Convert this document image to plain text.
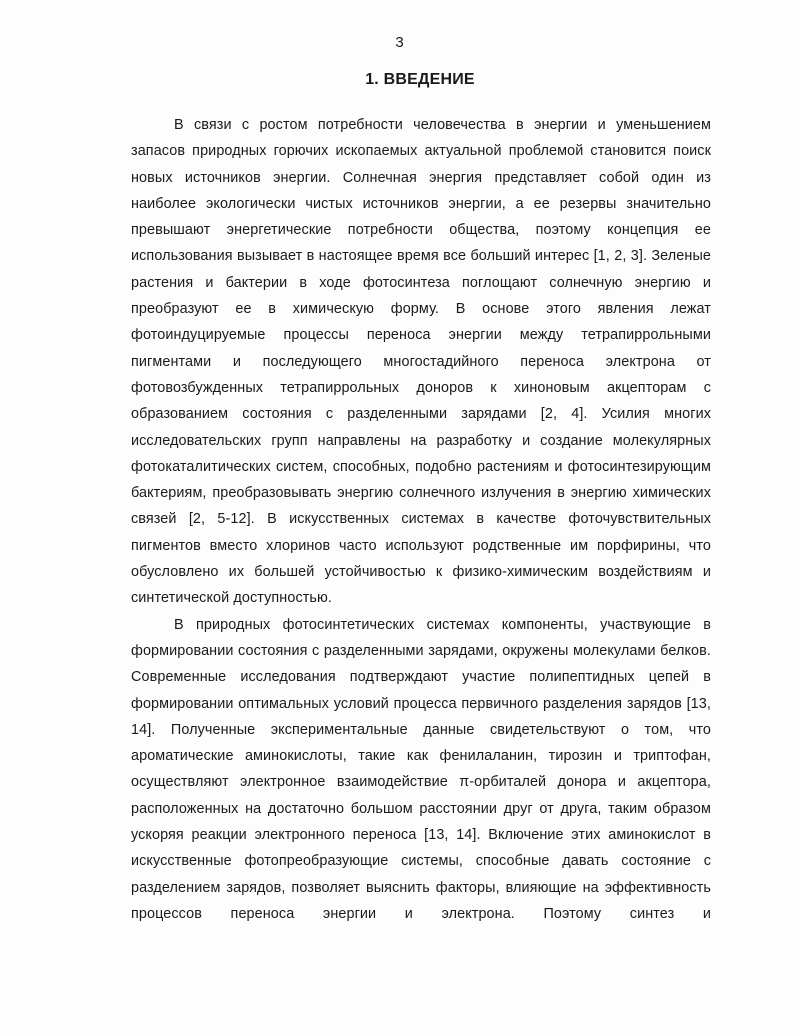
3
1. ВВЕДЕНИЕ

В связи с ростом потребности человечества в энергии и уменьшением запасов природных горючих ископаемых актуальной проблемой становится поиск новых источников энергии. Солнечная энергия представляет собой один из наиболее экологически чистых источников энергии, а ее резервы значительно превышают энергетические потребности общества, поэтому концепция ее использования вызывает в настоящее время все больший интерес [1, 2, 3]. Зеленые растения и бактерии в ходе фотосинтеза поглощают солнечную энергию и преобразуют ее в химическую форму. В основе этого явления лежат фотоиндуцируемые процессы переноса энергии между тетрапиррольными пигментами и последующего многостадийного переноса электрона от фотовозбужденных тетрапиррольных доноров к хиноновым акцепторам с образованием состояния с разделенными зарядами [2, 4]. Усилия многих исследовательских групп направлены на разработку и создание молекулярных фотокаталитических систем, способных, подобно растениям и фотосинтезирующим бактериям, преобразовывать энергию солнечного излучения в энергию химических связей [2, 5-12]. В искусственных системах в качестве фоточувствительных пигментов вместо хлоринов часто используют родственные им порфирины, что обусловлено их большей устойчивостью к физико-химическим воздействиям и синтетической доступностью.

В природных фотосинтетических системах компоненты, участвующие в формировании состояния с разделенными зарядами, окружены молекулами белков. Современные исследования подтверждают участие полипептидных цепей в формировании оптимальных условий процесса первичного разделения зарядов [13, 14]. Полученные экспериментальные данные свидетельствуют о том, что ароматические аминокислоты, такие как фенилаланин, тирозин и триптофан, осуществляют электронное взаимодействие π-орбиталей донора и акцептора, расположенных на достаточно большом расстоянии друг от друга, таким образом ускоряя реакции электронного переноса [13, 14]. Включение этих аминокислот в искусственные фотопреобразующие системы, способные давать состояние с разделением зарядов, позволяет выяснить факторы, влияющие на эффективность процессов переноса энергии и электрона. Поэтому синтез и
